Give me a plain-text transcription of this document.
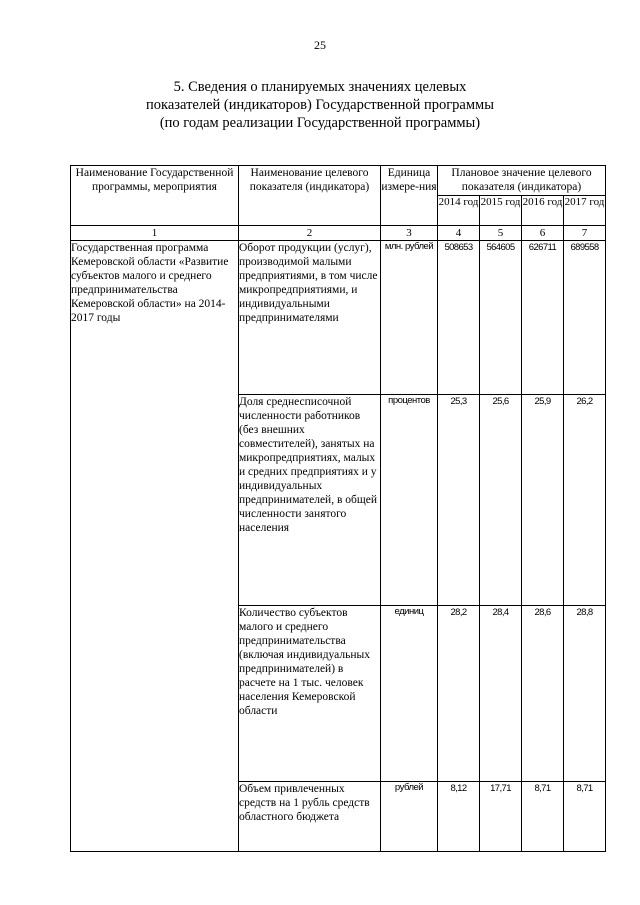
25
5. Сведения о планируемых значениях целевых
показателей (индикаторов) Государственной программы
(по годам реализации Государственной программы)
Наименование Государственной программы, мероприятия	Наименование целевого показателя (индикатора)	Единица измере-ния	Плановое значение целевого показателя (индикатора)			
			2014 год	2015 год	2016 год	2017 год
1	2	3	4	5	6	7
Государственная программа Кемеровской области «Развитие субъектов малого и среднего предпринимательства Кемеровской области» на 2014-2017 годы	Оборот продукции (услуг), производимой малыми предприятиями, в том числе микропредприятиями, и индивидуальными предпринимателями	млн. рублей	508653	564605	626711	689558
	Доля среднесписочной численности работников (без внешних совместителей), занятых на микропредприятиях, малых и средних предприятиях и у индивидуальных предпринимателей, в общей численности занятого населения	процентов	25,3	25,6	25,9	26,2
	Количество субъектов малого и среднего предпринимательства (включая индивидуальных предпринимателей) в расчете на 1 тыс. человек населения Кемеровской области	единиц	28,2	28,4	28,6	28,8
	Объем привлеченных средств на 1 рубль средств областного бюджета	рублей	8,12	17,71	8,71	8,71
